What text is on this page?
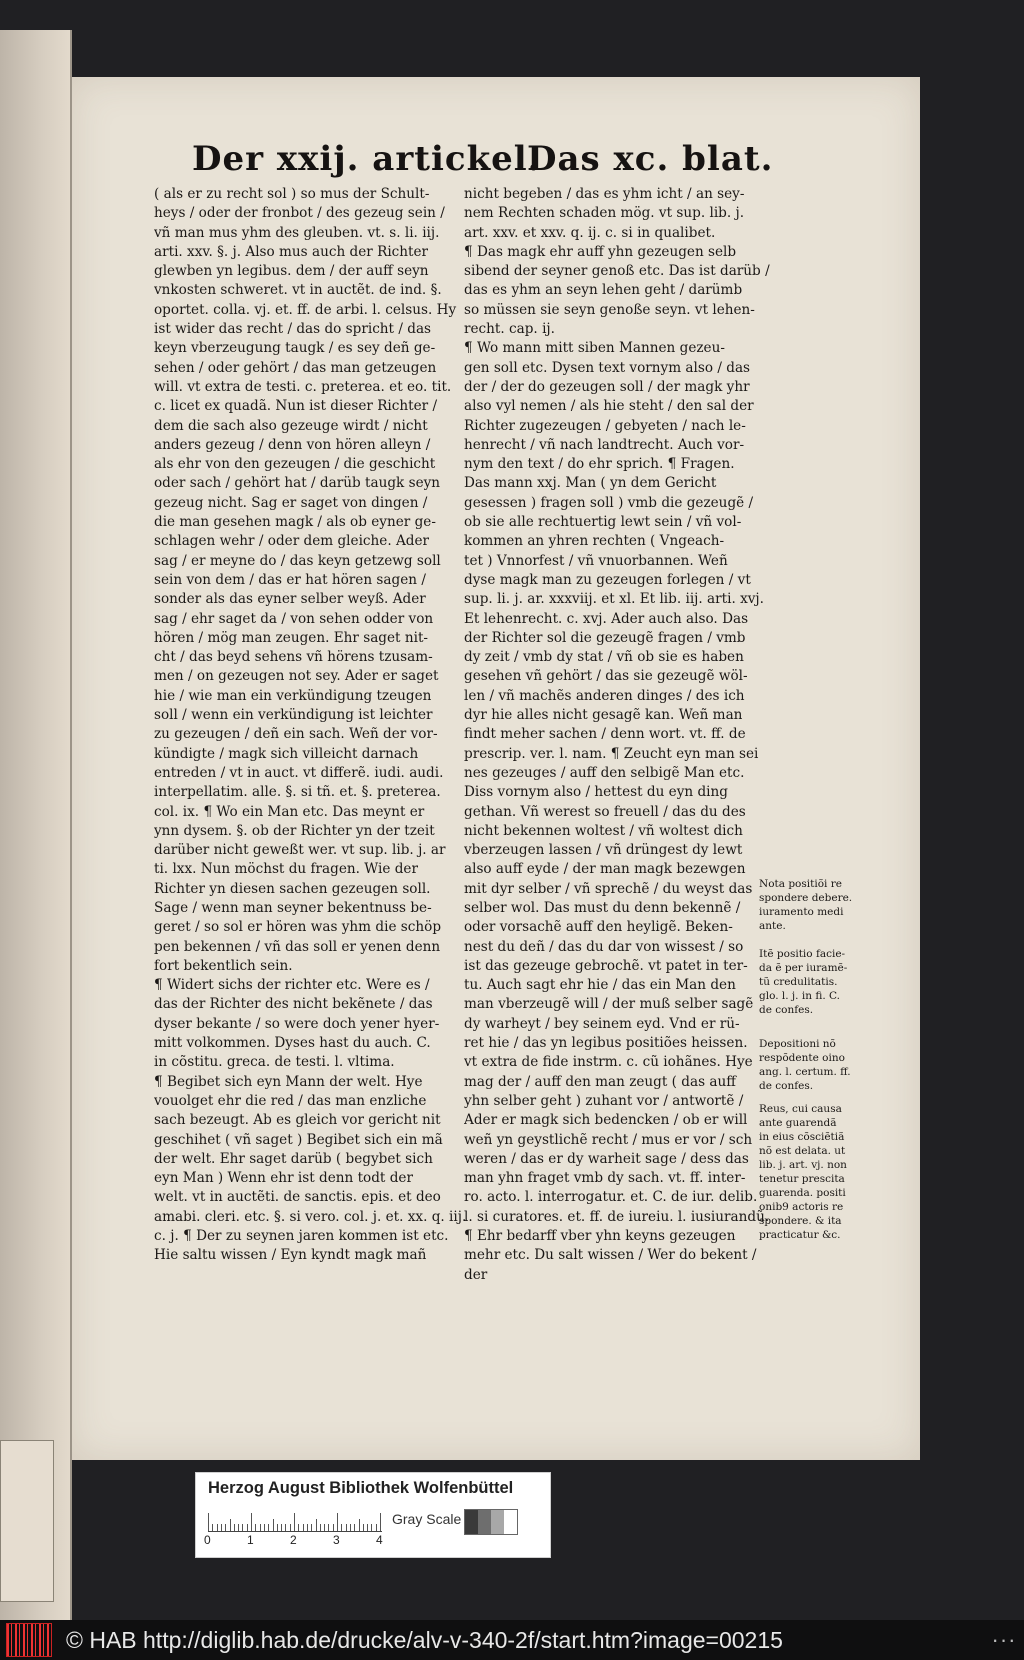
Der xxij. artickel.
Das xc. blat.
( als er zu recht sol ) so mus der Schult-
heys / oder der fronbot / des gezeug sein /
vñ man mus yhm des gleuben. vt. s. li. iij.
arti. xxv. §. j. Also mus auch der Richter
glewben yn legibus. dem / der auff seyn
vnkosten schweret. vt in auctẽt. de ind. §.
oportet. colla. vj. et. ff. de arbi. l. celsus. Hy
ist wider das recht / das do spricht / das
keyn vberzeugung taugk / es sey deñ ge-
sehen / oder gehört / das man getzeugen
will. vt extra de testi. c. preterea. et eo. tit.
c. licet ex quadã. Nun ist dieser Richter /
dem die sach also gezeuge wirdt / nicht
anders gezeug / denn von hören alleyn /
als ehr von den gezeugen / die geschicht
oder sach / gehört hat / darüb taugk seyn
gezeug nicht. Sag er saget von dingen /
die man gesehen magk / als ob eyner ge-
schlagen wehr / oder dem gleiche. Ader
sag / er meyne do / das keyn getzewg soll
sein von dem / das er hat hören sagen /
sonder als das eyner selber weyß. Ader
sag / ehr saget da / von sehen odder von
hören / mög man zeugen. Ehr saget nit-
cht / das beyd sehens vñ hörens tzusam-
men / on gezeugen not sey. Ader er saget
hie / wie man ein verkündigung tzeugen
soll / wenn ein verkündigung ist leichter
zu gezeugen / deñ ein sach. Weñ der vor-
kündigte / magk sich villeicht darnach
entreden / vt in auct. vt differẽ. iudi. audi.
interpellatim. alle. §. si tñ. et. §. preterea.
col. ix. ¶ Wo ein Man etc. Das meynt er
ynn dysem. §. ob der Richter yn der tzeit
darüber nicht geweßt wer. vt sup. lib. j. ar
ti. lxx. Nun möchst du fragen. Wie der
Richter yn diesen sachen gezeugen soll.
Sage / wenn man seyner bekentnuss be-
geret / so sol er hören was yhm die schöp
pen bekennen / vñ das soll er yenen denn
fort bekentlich sein.
¶ Widert sichs der richter etc. Were es /
das der Richter des nicht bekẽnete / das
dyser bekante / so were doch yener hyer-
mitt volkommen. Dyses hast du auch. C.
in cõstitu. greca. de testi. l. vltima.
¶ Begibet sich eyn Mann der welt. Hye
vouolget ehr die red / das man enzliche
sach bezeugt. Ab es gleich vor gericht nit
geschihet ( vñ saget ) Begibet sich ein mã
der welt. Ehr saget darüb ( begybet sich
eyn Man ) Wenn ehr ist denn todt der
welt. vt in auctẽti. de sanctis. epis. et deo
amabi. cleri. etc. §. si vero. col. j. et. xx. q. iij.
c. j. ¶ Der zu seynen jaren kommen ist etc.
Hie saltu wissen / Eyn kyndt magk mañ
nicht begeben / das es yhm icht / an sey-
nem Rechten schaden mög. vt sup. lib. j.
art. xxv. et xxv. q. ij. c. si in qualibet.
¶ Das magk ehr auff yhn gezeugen selb
sibend der seyner genoß etc. Das ist darüb /
das es yhm an seyn lehen geht / darümb
so müssen sie seyn genoße seyn. vt lehen-
recht. cap. ij.
¶ Wo mann mitt siben Mannen gezeu-
gen soll etc. Dysen text vornym also / das
der / der do gezeugen soll / der magk yhr
also vyl nemen / als hie steht / den sal der
Richter zugezeugen / gebyeten / nach le-
henrecht / vñ nach landtrecht. Auch vor-
nym den text / do ehr sprich. ¶ Fragen.
Das mann xxj. Man ( yn dem Gericht
gesessen ) fragen soll ) vmb die gezeugẽ /
ob sie alle rechtuertig lewt sein / vñ vol-
kommen an yhren rechten ( Vngeach-
tet ) Vnnorfest / vñ vnuorbannen. Weñ
dyse magk man zu gezeugen forlegen / vt
sup. li. j. ar. xxxviij. et xl. Et lib. iij. arti. xvj.
Et lehenrecht. c. xvj. Ader auch also. Das
der Richter sol die gezeugẽ fragen / vmb
dy zeit / vmb dy stat / vñ ob sie es haben
gesehen vñ gehört / das sie gezeugẽ wöl-
len / vñ machẽs anderen dinges / des ich
dyr hie alles nicht gesagẽ kan. Weñ man
findt meher sachen / denn wort. vt. ff. de
prescrip. ver. l. nam. ¶ Zeucht eyn man sei
nes gezeuges / auff den selbigẽ Man etc.
Diss vornym also / hettest du eyn ding
gethan. Vñ werest so freuell / das du des
nicht bekennen woltest / vñ woltest dich
vberzeugen lassen / vñ drüngest dy lewt
also auff eyde / der man magk bezewgen
mit dyr selber / vñ sprechẽ / du weyst das
selber wol. Das must du denn bekennẽ /
oder vorsachẽ auff den heyligẽ. Beken-
nest du deñ / das du dar von wissest / so
ist das gezeuge gebrochẽ. vt patet in ter-
tu. Auch sagt ehr hie / das ein Man den
man vberzeugẽ will / der muß selber sagẽ
dy warheyt / bey seinem eyd. Vnd er rü-
ret hie / das yn legibus positiões heissen.
vt extra de fide instrm. c. cũ iohãnes. Hye
mag der / auff den man zeugt ( das auff
yhn selber geht ) zuhant vor / antwortẽ /
Ader er magk sich bedencken / ob er will
weñ yn geystlichẽ recht / mus er vor / sch
weren / das er dy warheit sage / dess das
man yhn fraget vmb dy sach. vt. ff. inter-
ro. acto. l. interrogatur. et. C. de iur. delib.
l. si curatores. et. ff. de iureiu. l. iusiurandũ.
¶ Ehr bedarff vber yhn keyns gezeugen
mehr etc. Du salt wissen / Wer do bekent /
der
Nota positiõi re
spondere debere.
iuramento medi
ante.
Itẽ positio facie-
da ẽ per iuramẽ-
tũ credulitatis.
glo. l. j. in fi. C.
de confes.
Depositioni nõ
respõdente oino
ang. l. certum. ff.
de confes.
Reus, cui causa
ante guarendã
in eius cõsciẽtiã
nõ est delata. ut
lib. j. art. vj. non
tenetur prescita
guarenda. positi
onib9 actoris re
spondere. & ita
practicatur &c.
Herzog August Bibliothek Wolfenbüttel
0	1	2	3	4
Gray Scale
© HAB http://diglib.hab.de/drucke/alv-v-340-2f/start.htm?image=00215	···
